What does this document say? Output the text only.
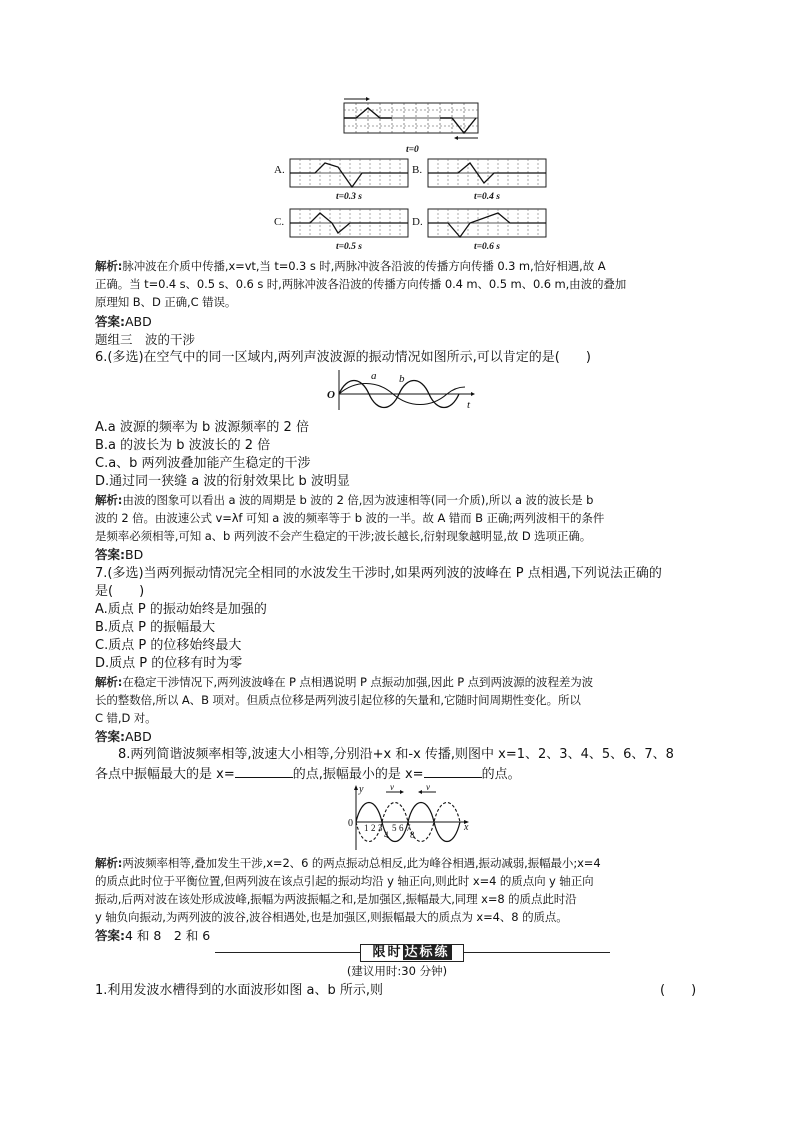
t=0
A.
t=0.3 s
B.
t=0.4 s
C.
t=0.5 s
D.
t=0.6 s
解析:脉冲波在介质中传播,x=vt,当 t=0.3 s 时,两脉冲波各沿波的传播方向传播 0.3 m,恰好相遇,故 A
正确。当 t=0.4 s、0.5 s、0.6 s 时,两脉冲波各沿波的传播方向传播 0.4 m、0.5 m、0.6 m,由波的叠加
原理知 B、D 正确,C 错误。
答案:ABD
题组三　波的干涉
6.(多选)在空气中的同一区域内,两列声波波源的振动情况如图所示,可以肯定的是(　　)
O
a b
t
A.a 波源的频率为 b 波源频率的 2 倍
B.a 的波长为 b 波波长的 2 倍
C.a、b 两列波叠加能产生稳定的干涉
D.通过同一狭缝 a 波的衍射效果比 b 波明显
解析:由波的图象可以看出 a 波的周期是 b 波的 2 倍,因为波速相等(同一介质),所以 a 波的波长是 b
波的 2 倍。由波速公式 v=λf 可知 a 波的频率等于 b 波的一半。故 A 错而 B 正确;两列波相干的条件
是频率必须相等,可知 a、b 两列波不会产生稳定的干涉;波长越长,衍射现象越明显,故 D 选项正确。
答案:BD
7.(多选)当两列振动情况完全相同的水波发生干涉时,如果两列波的波峰在 P 点相遇,下列说法正确的
是(　　)
A.质点 P 的振动始终是加强的
B.质点 P 的振幅最大
C.质点 P 的位移始终最大
D.质点 P 的位移有时为零
解析:在稳定干涉情况下,两列波波峰在 P 点相遇说明 P 点振动加强,因此 P 点到两波源的波程差为波
长的整数倍,所以 A、B 项对。但质点位移是两列波引起位移的矢量和,它随时间周期性变化。所以
C 错,D 对。
答案:ABD
8.两列简谐波频率相等,波速大小相等,分别沿+x 和-x 传播,则图中 x=1、2、3、4、5、6、7、8
各点中振幅最大的是 x=	的点,振幅最小的是 x=	的点。
y
0	x
v	v
1 2 3
4
5 6 7
8
解析:两波频率相等,叠加发生干涉,x=2、6 的两点振动总相反,此为峰谷相遇,振动减弱,振幅最小;x=4
的质点此时位于平衡位置,但两列波在该点引起的振动均沿 y 轴正向,则此时 x=4 的质点向 y 轴正向
振动,后两对波在该处形成波峰,振幅为两波振幅之和,是加强区,振幅最大,同理 x=8 的质点此时沿
y 轴负向振动,为两列波的波谷,波谷相遇处,也是加强区,则振幅最大的质点为 x=4、8 的质点。
答案:4 和 8　2 和 6
限时 达标练
(建议用时:30 分钟)
1.利用发波水槽得到的水面波形如图 a、b 所示,则	(　　)
